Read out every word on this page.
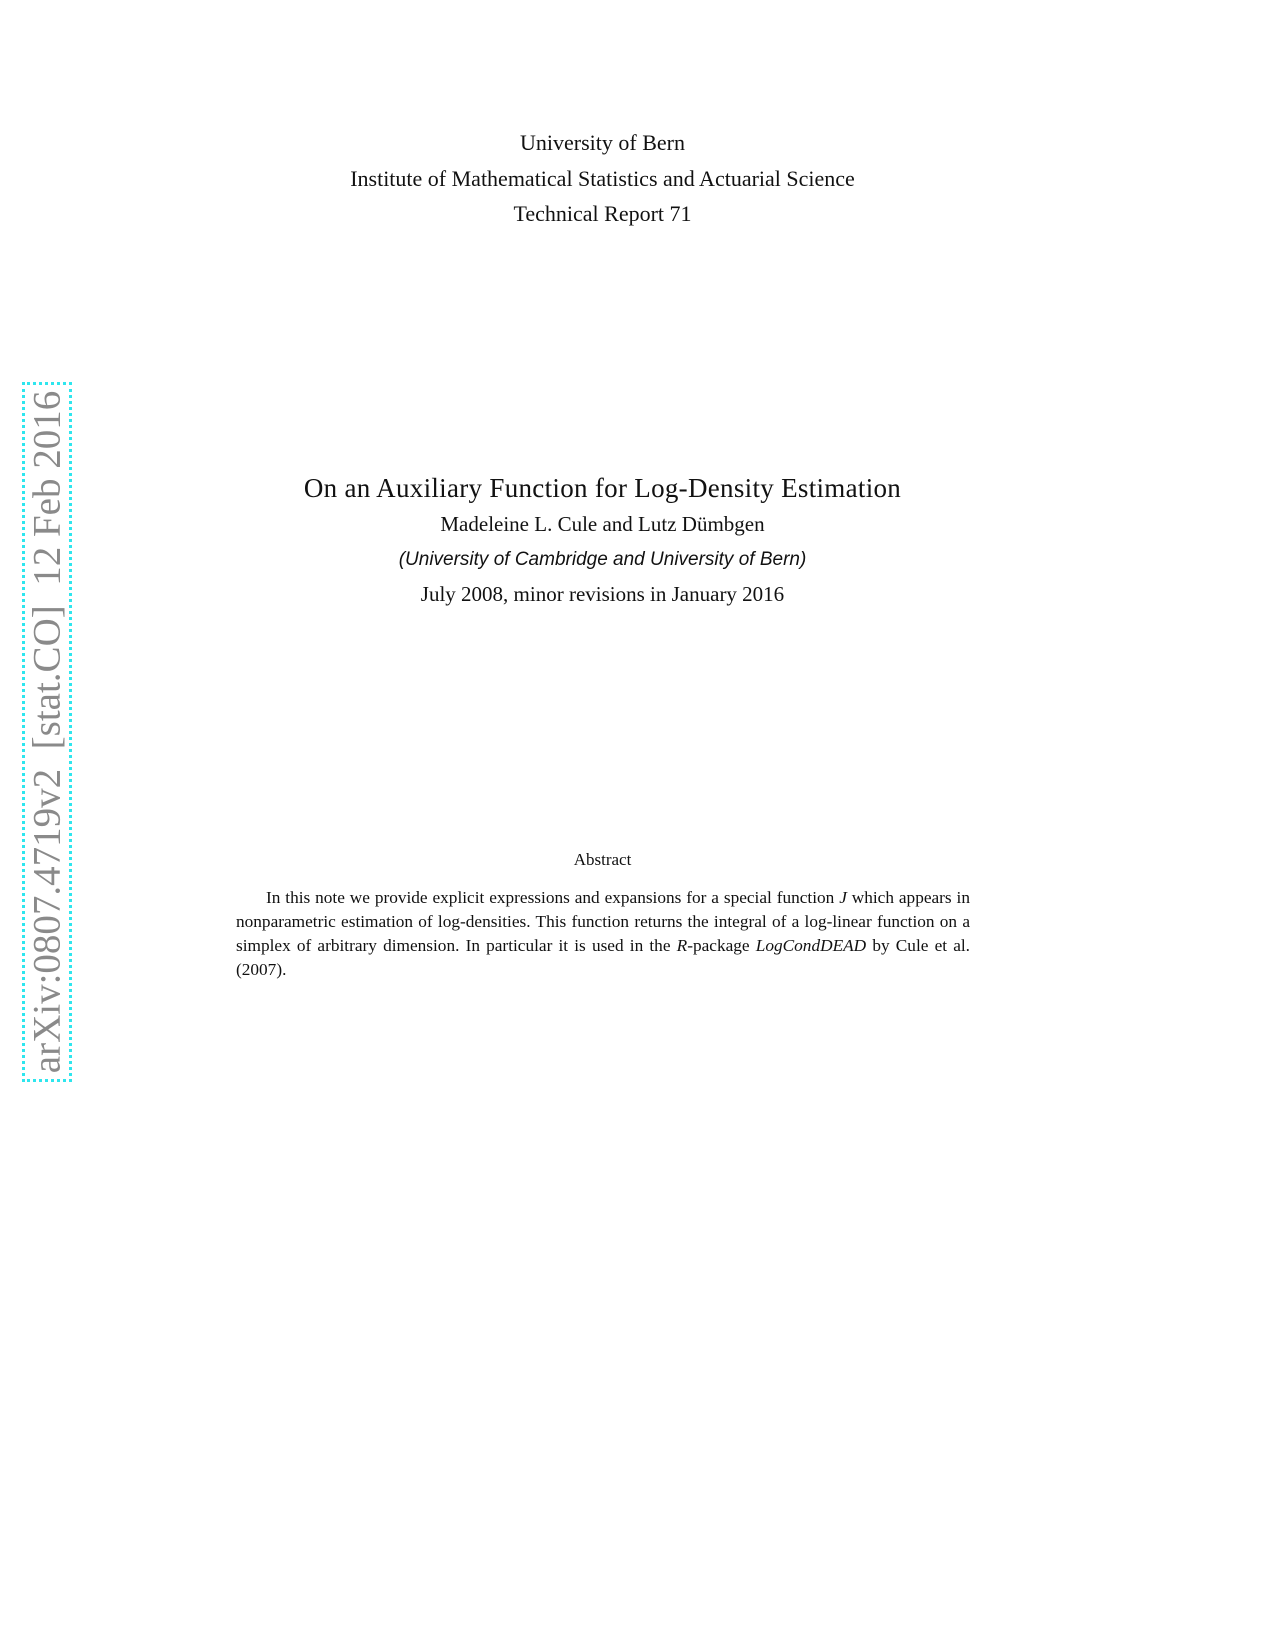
University of Bern
Institute of Mathematical Statistics and Actuarial Science
Technical Report 71
On an Auxiliary Function for Log-Density Estimation
Madeleine L. Cule and Lutz Dümbgen
(University of Cambridge and University of Bern)
July 2008, minor revisions in January 2016
Abstract
In this note we provide explicit expressions and expansions for a special function J which appears in nonparametric estimation of log-densities. This function returns the integral of a log-linear function on a simplex of arbitrary dimension. In particular it is used in the R-package LogCondDEAD by Cule et al. (2007).
arXiv:0807.4719v2  [stat.CO]  12 Feb 2016
